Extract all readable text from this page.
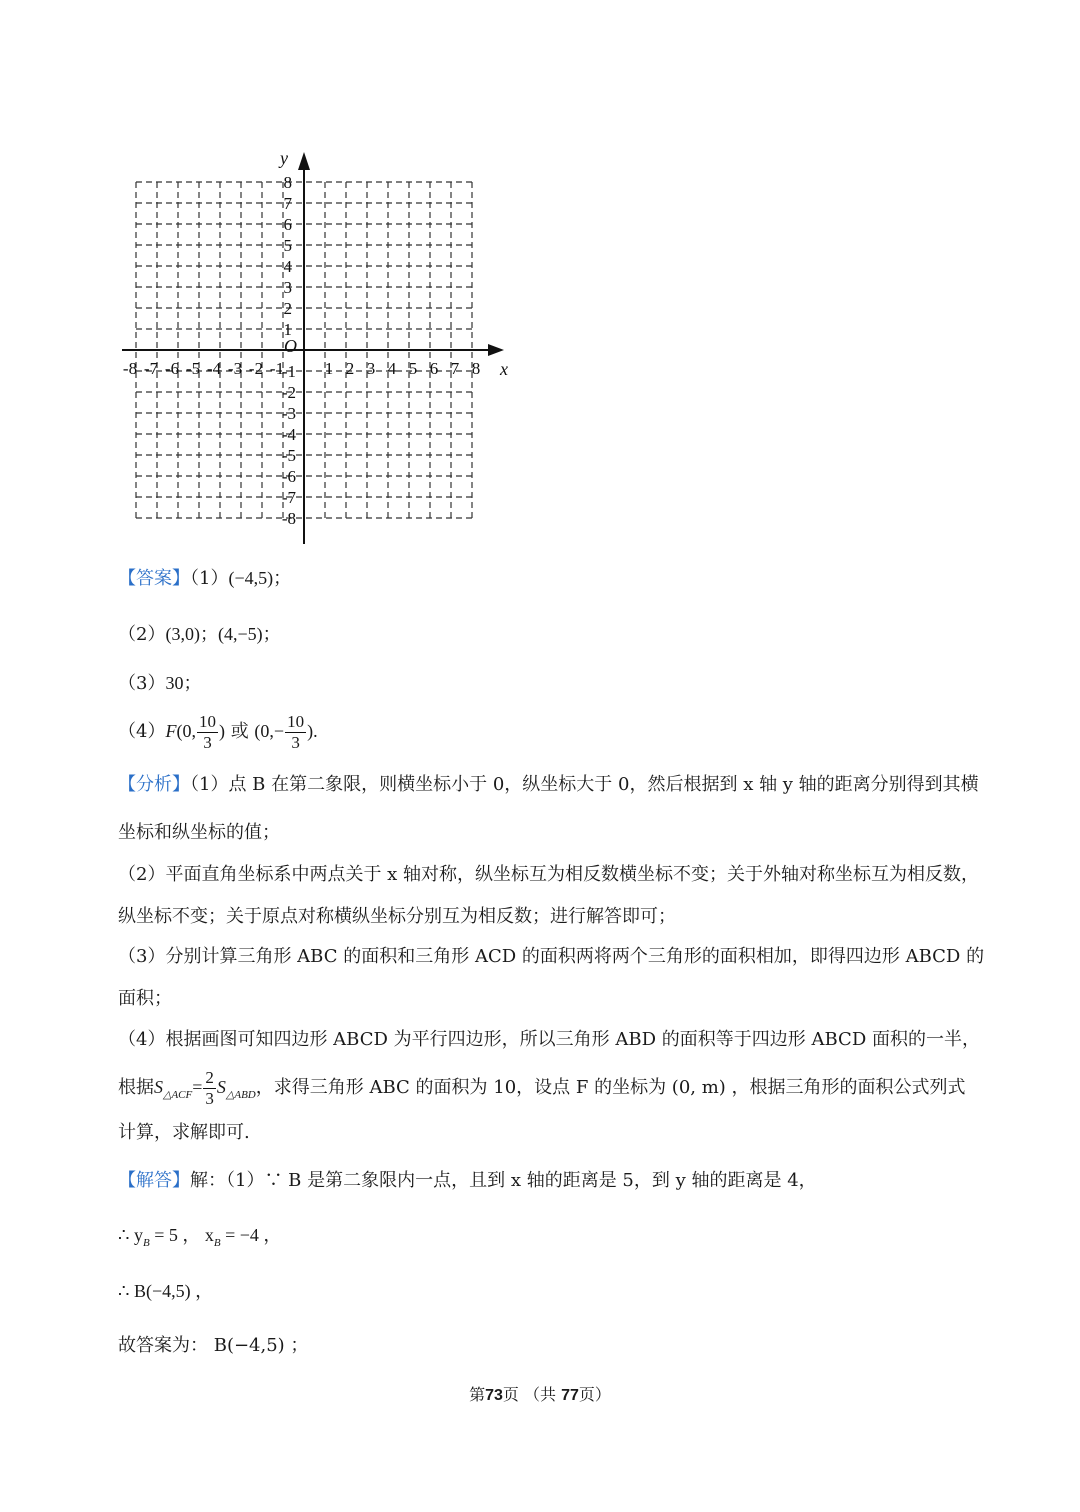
-8 -7 -6 -5 -4 -3 -2 -1 1 2 3 4 5 6 7 8
1
2
3
4
5
6
7
8
-1
-2
-3
-4
-5
-6
-7
-8
x
y
O
【答案】（1）(−4,5)；
（2）(3,0)；(4,−5)；
（3）30；
（4）F(0, $\frac{10}{3}$ ) 或 ($0,- \frac{10}{3}$ ).
【分析】（1）点 B 在第二象限，则横坐标小于 0，纵坐标大于 0，然后根据到 x 轴 y 轴的距离分别得到其横
坐标和纵坐标的值；
（2）平面直角坐标系中两点关于 x 轴对称，纵坐标互为相反数横坐标不变；关于外轴对称坐标互为相反数，
纵坐标不变；关于原点对称横纵坐标分别互为相反数；进行解答即可；
（3）分别计算三角形 ABC 的面积和三角形 ACD 的面积两将两个三角形的面积相加，即得四边形 ABCD 的
面积；
（4）根据画图可知四边形 ABCD 为平行四边形，所以三角形 ABD 的面积等于四边形 ABCD 面积的一半，
根据$S_{\triangle ACF}= \frac{2}{3} S_{\triangle ABD}$，求得三角形 ABC 的面积为 10，设点 F 的坐标为 (0, m) ，根据三角形的面积公式列式
计算，求解即可.
【解答】解：（1）∵ B 是第二象限内一点，且到 x 轴的距离是 5，到 y 轴的距离是 4，
∴ $y_B = 5$ ， $x_B = -4$ ，
∴ B(−4,5) ，
故答案为： B(−4,5) ；
第73页 （共 77页）
